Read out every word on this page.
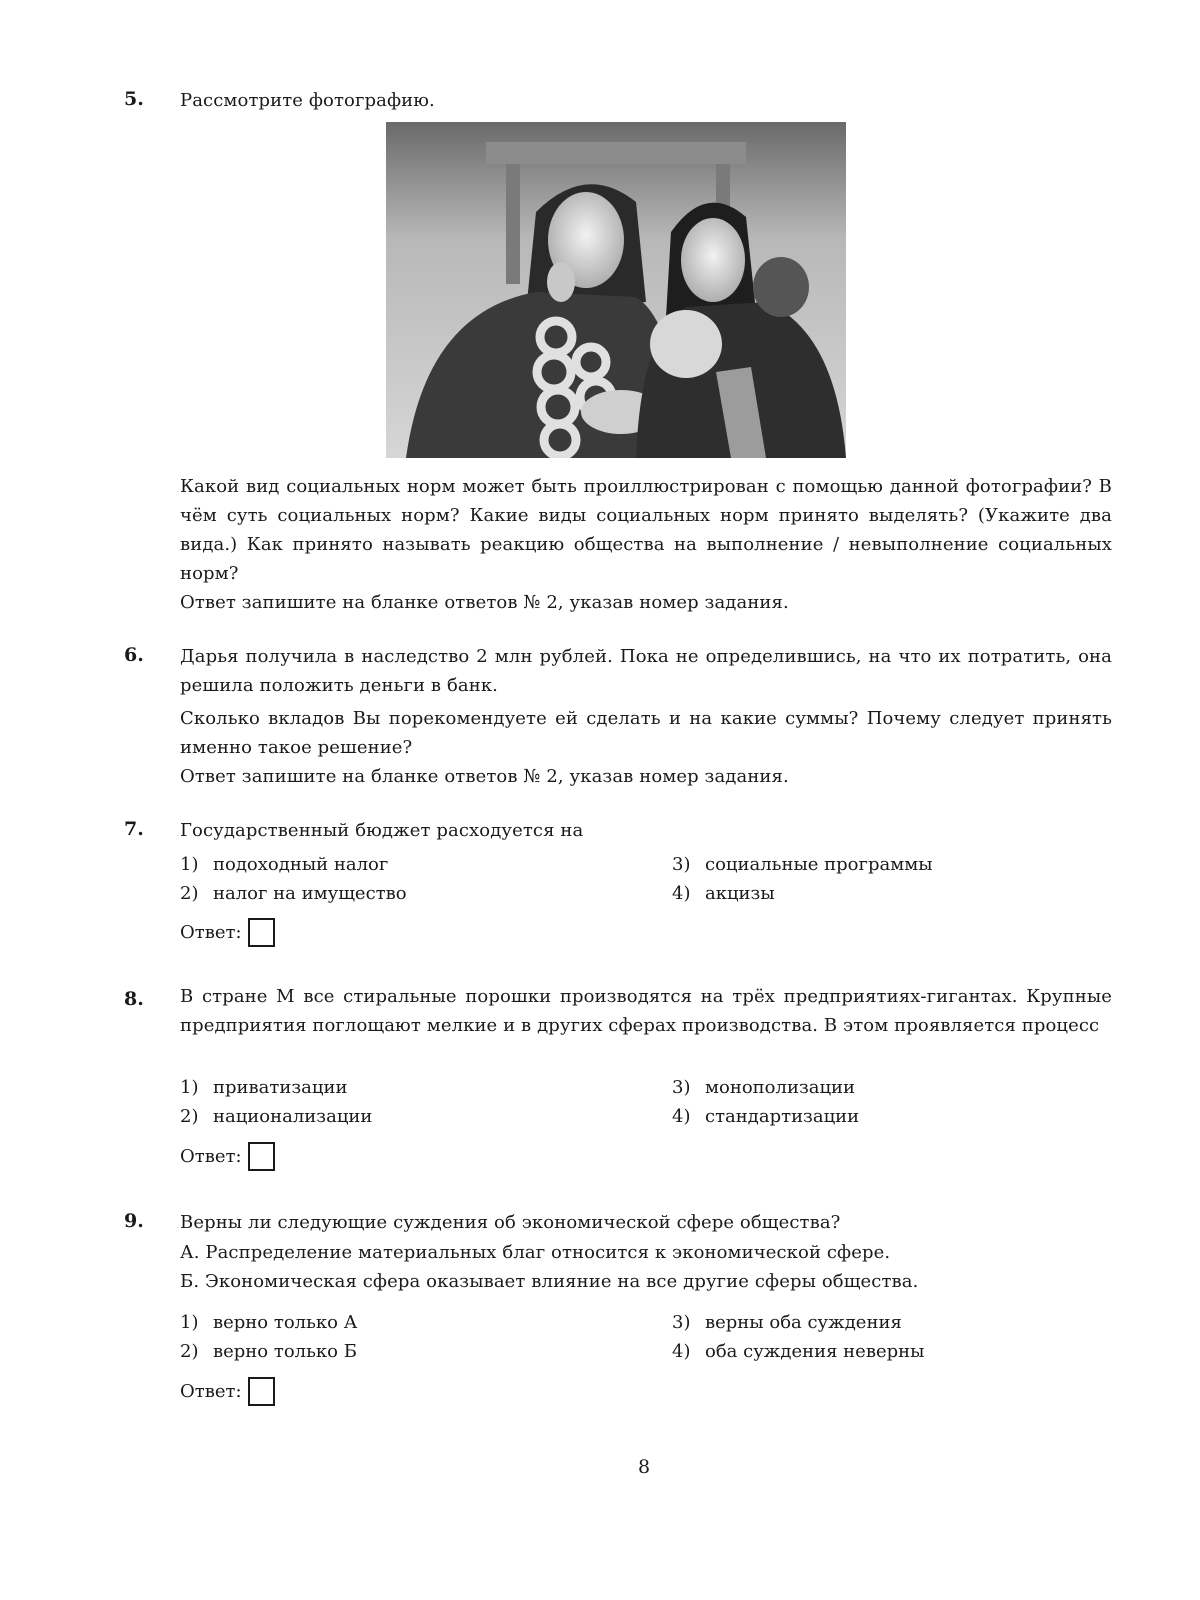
5. Рассмотрите фотографию.
Какой вид социальных норм может быть проиллюстрирован с помощью данной фотографии? В чём суть социальных норм? Какие виды социальных норм принято выделять? (Укажите два вида.) Как принято называть реакцию общества на выполнение / невыполнение социальных норм?
Ответ запишите на бланке ответов № 2, указав номер задания.
6. Дарья получила в наследство 2 млн рублей. Пока не определившись, на что их потратить, она решила положить деньги в банк.
Сколько вкладов Вы порекомендуете ей сделать и на какие суммы? Почему следует принять именно такое решение?
Ответ запишите на бланке ответов № 2, указав номер задания.
7. Государственный бюджет расходуется на
1) подоходный налог
2) налог на имущество
3) социальные программы
4) акцизы
Ответ:
8. В стране М все стиральные порошки производятся на трёх предприятиях-гигантах. Крупные предприятия поглощают мелкие и в других сферах производства. В этом проявляется процесс
1) приватизации
2) национализации
3) монополизации
4) стандартизации
Ответ:
9. Верны ли следующие суждения об экономической сфере общества?
А. Распределение материальных благ относится к экономической сфере.
Б. Экономическая сфера оказывает влияние на все другие сферы общества.
1) верно только А
2) верно только Б
3) верны оба суждения
4) оба суждения неверны
Ответ:
8
